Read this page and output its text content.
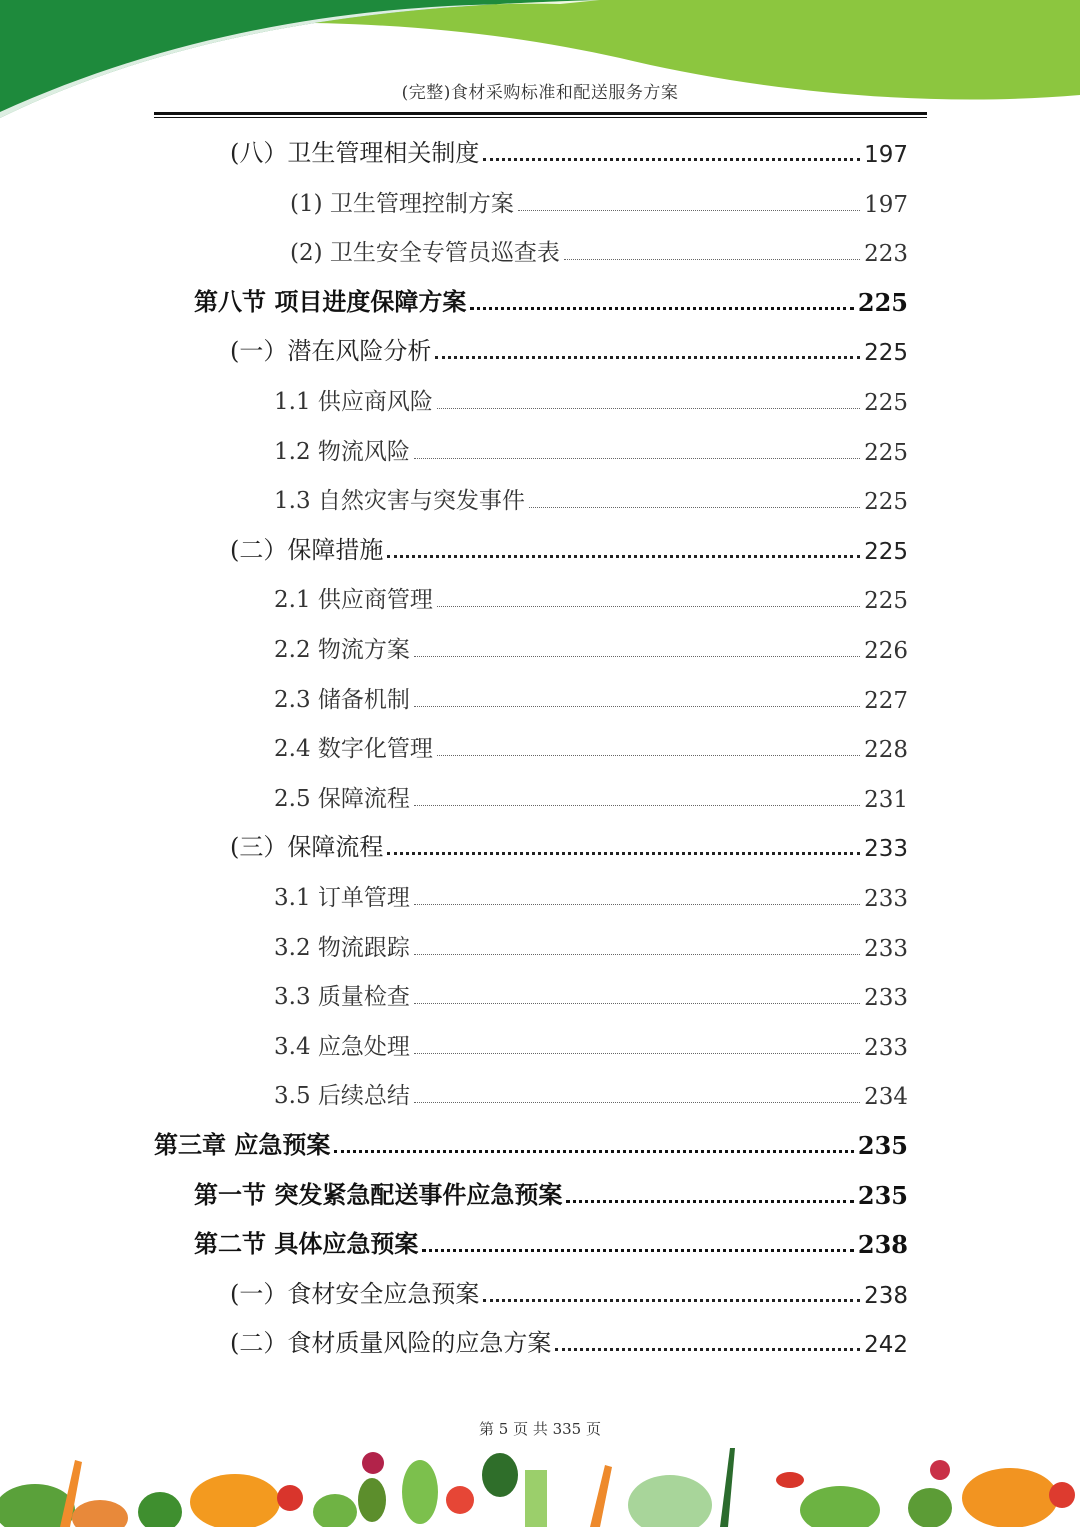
(完整)食材采购标准和配送服务方案
(八）卫生管理相关制度	197
(1) 卫生管理控制方案	197
(2) 卫生安全专管员巡查表	223
第八节 项目进度保障方案	225
(一）潜在风险分析	225
1.1 供应商风险	225
1.2 物流风险	225
1.3 自然灾害与突发事件	225
(二）保障措施	225
2.1 供应商管理	225
2.2 物流方案	226
2.3 储备机制	227
2.4 数字化管理	228
2.5 保障流程	231
(三）保障流程	233
3.1 订单管理	233
3.2 物流跟踪	233
3.3 质量检查	233
3.4 应急处理	233
3.5 后续总结	234
第三章 应急预案	235
第一节 突发紧急配送事件应急预案	235
第二节 具体应急预案	238
(一）食材安全应急预案	238
(二）食材质量风险的应急方案	242
第 5 页 共 335 页
